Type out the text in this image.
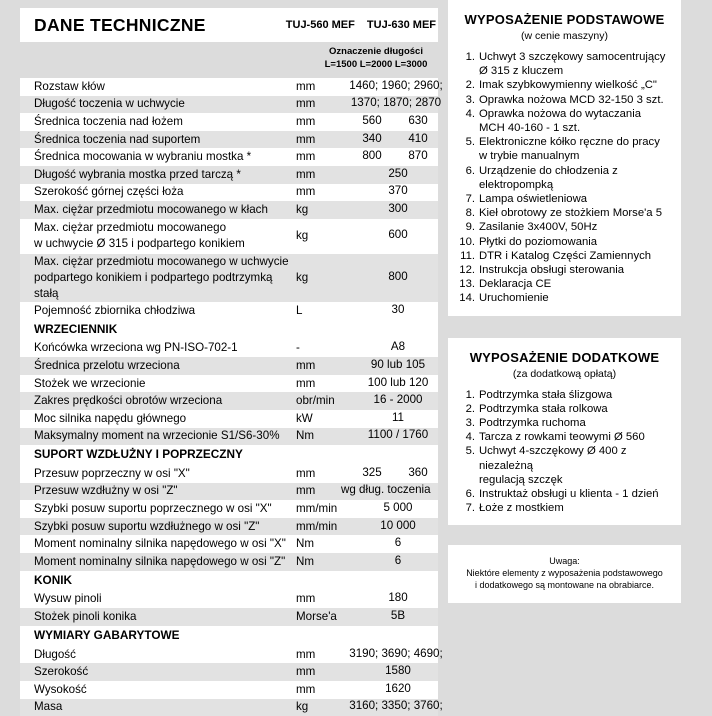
DANE TECHNICZNE	TUJ-560 MEF TUJ-630 MEF
Oznaczenie długości
L=1500 L=2000 L=3000
Rozstaw kłów	mm	1460; 1960; 2960;
Długość toczenia w uchwycie	mm	1370; 1870; 2870
Średnica toczenia nad łożem	mm	560	630
Średnica toczenia nad suportem	mm	340	410
Średnica mocowania w wybraniu mostka *	mm	800	870
Długość wybrania mostka przed tarczą *	mm	250
Szerokość górnej części łoża	mm	370
Max. ciężar przedmiotu mocowanego w kłach	kg	300
Max. ciężar przedmiotu mocowanego
w uchwycie Ø 315 i podpartego konikiem
kg	600
Max. ciężar przedmiotu mocowanego w uchwycie
podpartego konikiem i podpartego podtrzymką stałą
kg	800
Pojemność zbiornika chłodziwa	L	30
WRZECIENNIK
Końcówka wrzeciona wg PN-ISO-702-1	-	A8
Średnica przelotu wrzeciona	mm	90 lub 105
Stożek we wrzecionie	mm	100 lub 120
Zakres prędkości obrotów wrzeciona	obr/min	16 - 2000
Moc silnika napędu głównego	kW	11
Maksymalny moment na wrzecionie S1/S6-30%	Nm	1100 / 1760
SUPORT WZDŁUŻNY I POPRZECZNY
Przesuw poprzeczny w osi "X"	mm	325	360
Przesuw wzdłużny w osi "Z"	mm	wg dług. toczenia
Szybki posuw suportu poprzecznego w osi "X"	mm/min	5 000
Szybki posuw suportu wzdłużnego w osi "Z"	mm/min	10 000
Moment nominalny silnika napędowego w osi "X" Nm	6
Moment nominalny silnika napędowego w osi "Z" Nm	6
KONIK
Wysuw pinoli	mm	180
Stożek pinoli konika	Morse'a	5B
WYMIARY GABARYTOWE
Długość	mm	3190; 3690; 4690;
Szerokość	mm	1580
Wysokość	mm	1620
Masa	kg	3160; 3350; 3760;
WYPOSAŻENIE PODSTAWOWE
(w cenie maszyny)
1. Uchwyt 3 szczękowy samocentrujący
Ø 315 z kluczem
2. Imak szybkowymienny wielkość „C"
3. Oprawka nożowa MCD 32-150 3 szt.
4. Oprawka nożowa do wytaczania
MCH 40-160 - 1 szt.
5. Elektroniczne kółko ręczne do pracy
w trybie manualnym
6. Urządzenie do chłodzenia z elektropompką
7. Lampa oświetleniowa
8. Kieł obrotowy ze stożkiem Morse'a 5
9. Zasilanie 3x400V, 50Hz
10. Płytki do poziomowania
11. DTR i Katalog Części Zamiennych
12. Instrukcja obsługi sterowania
13. Deklaracja CE
14. Uruchomienie
WYPOSAŻENIE DODATKOWE
(za dodatkową opłatą)
1. Podtrzymka stała ślizgowa
2. Podtrzymka stała rolkowa
3. Podtrzymka ruchoma
4. Tarcza z rowkami teowymi Ø 560
5. Uchwyt 4-szczękowy Ø 400 z niezależną
regulacją szczęk
6. Instruktaż obsługi u klienta - 1 dzień
7. Łoże z mostkiem
Uwaga:
Niektóre elementy z wyposażenia podstawowego
i dodatkowego są montowane na obrabiarce.
